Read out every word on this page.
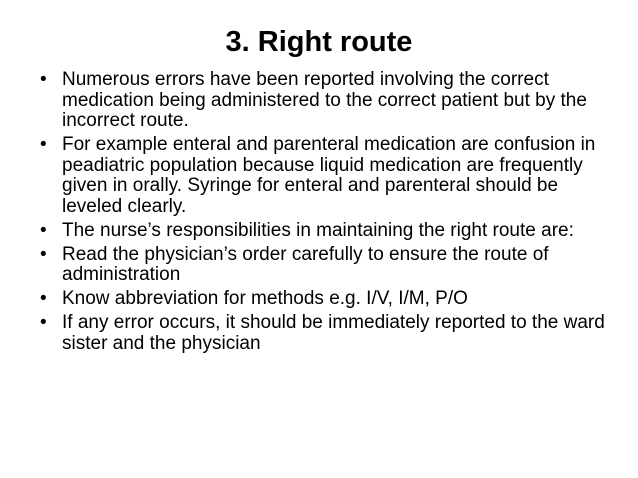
3. Right route
• Numerous errors have been reported involving the correct medication being administered to the correct patient but by the incorrect route.
• For example enteral and parenteral medication are confusion in peadiatric population because liquid medication are frequently given in orally. Syringe for enteral and parenteral should be leveled clearly.
• The nurse’s responsibilities in maintaining the right route are:
• Read the physician’s order carefully to ensure the route of administration
• Know abbreviation for methods e.g. I/V, I/M, P/O
• If any error occurs, it should be immediately reported to the ward sister and the physician
